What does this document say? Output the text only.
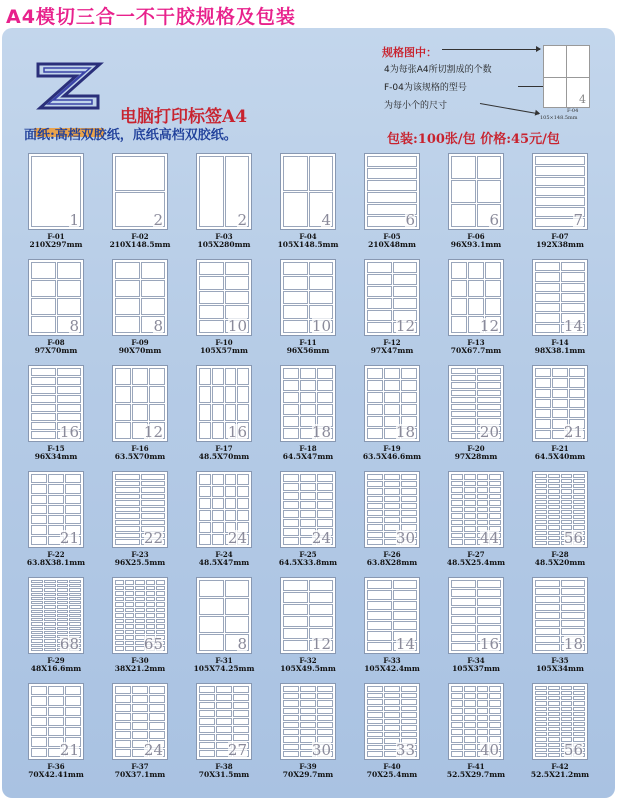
A4模切三合一不干胶规格及包装
电脑打印标签A4
面纸:高档双胶纸，底纸高档双胶纸。
规格图中：
4为每张A4所切割成的个数
F-04为该规格的型号
为每小个的尺寸	4
F-04
105×148.5mm
包装:100张/包 价格:45元/包
1
F-01
210X297mm
2
F-02
210X148.5mm
2
F-03
105X280mm
4
F-04
105X148.5mm
6
F-05
210X48mm
6
F-06
96X93.1mm
7
F-07
192X38mm
8
F-08
97X70mm
8
F-09
90X70mm
10
F-10
105X57mm
10
F-11
96X56mm
12
F-12
97X47mm
12
F-13
70X67.7mm
14
F-14
98X38.1mm
16
F-15
96X34mm
12
F-16
63.5X70mm
16
F-17
48.5X70mm
18
F-18
64.5X47mm
18
F-19
63.5X46.6mm
20
F-20
97X28mm
21
F-21
64.5X40mm
21
F-22
63.8X38.1mm
22
F-23
96X25.5mm
24
F-24
48.5X47mm
24
F-25
64.5X33.8mm
30
F-26
63.8X28mm
44
F-27
48.5X25.4mm
56
F-28
48.5X20mm
68
F-29
48X16.6mm
65
F-30
38X21.2mm
8
F-31
105X74.25mm
12
F-32
105X49.5mm
14
F-33
105X42.4mm
16
F-34
105X37mm
18
F-35
105X34mm
21
F-36
70X42.41mm
24
F-37
70X37.1mm
27
F-38
70X31.5mm
30
F-39
70X29.7mm
33
F-40
70X25.4mm
40
F-41
52.5X29.7mm
56
F-42
52.5X21.2mm
